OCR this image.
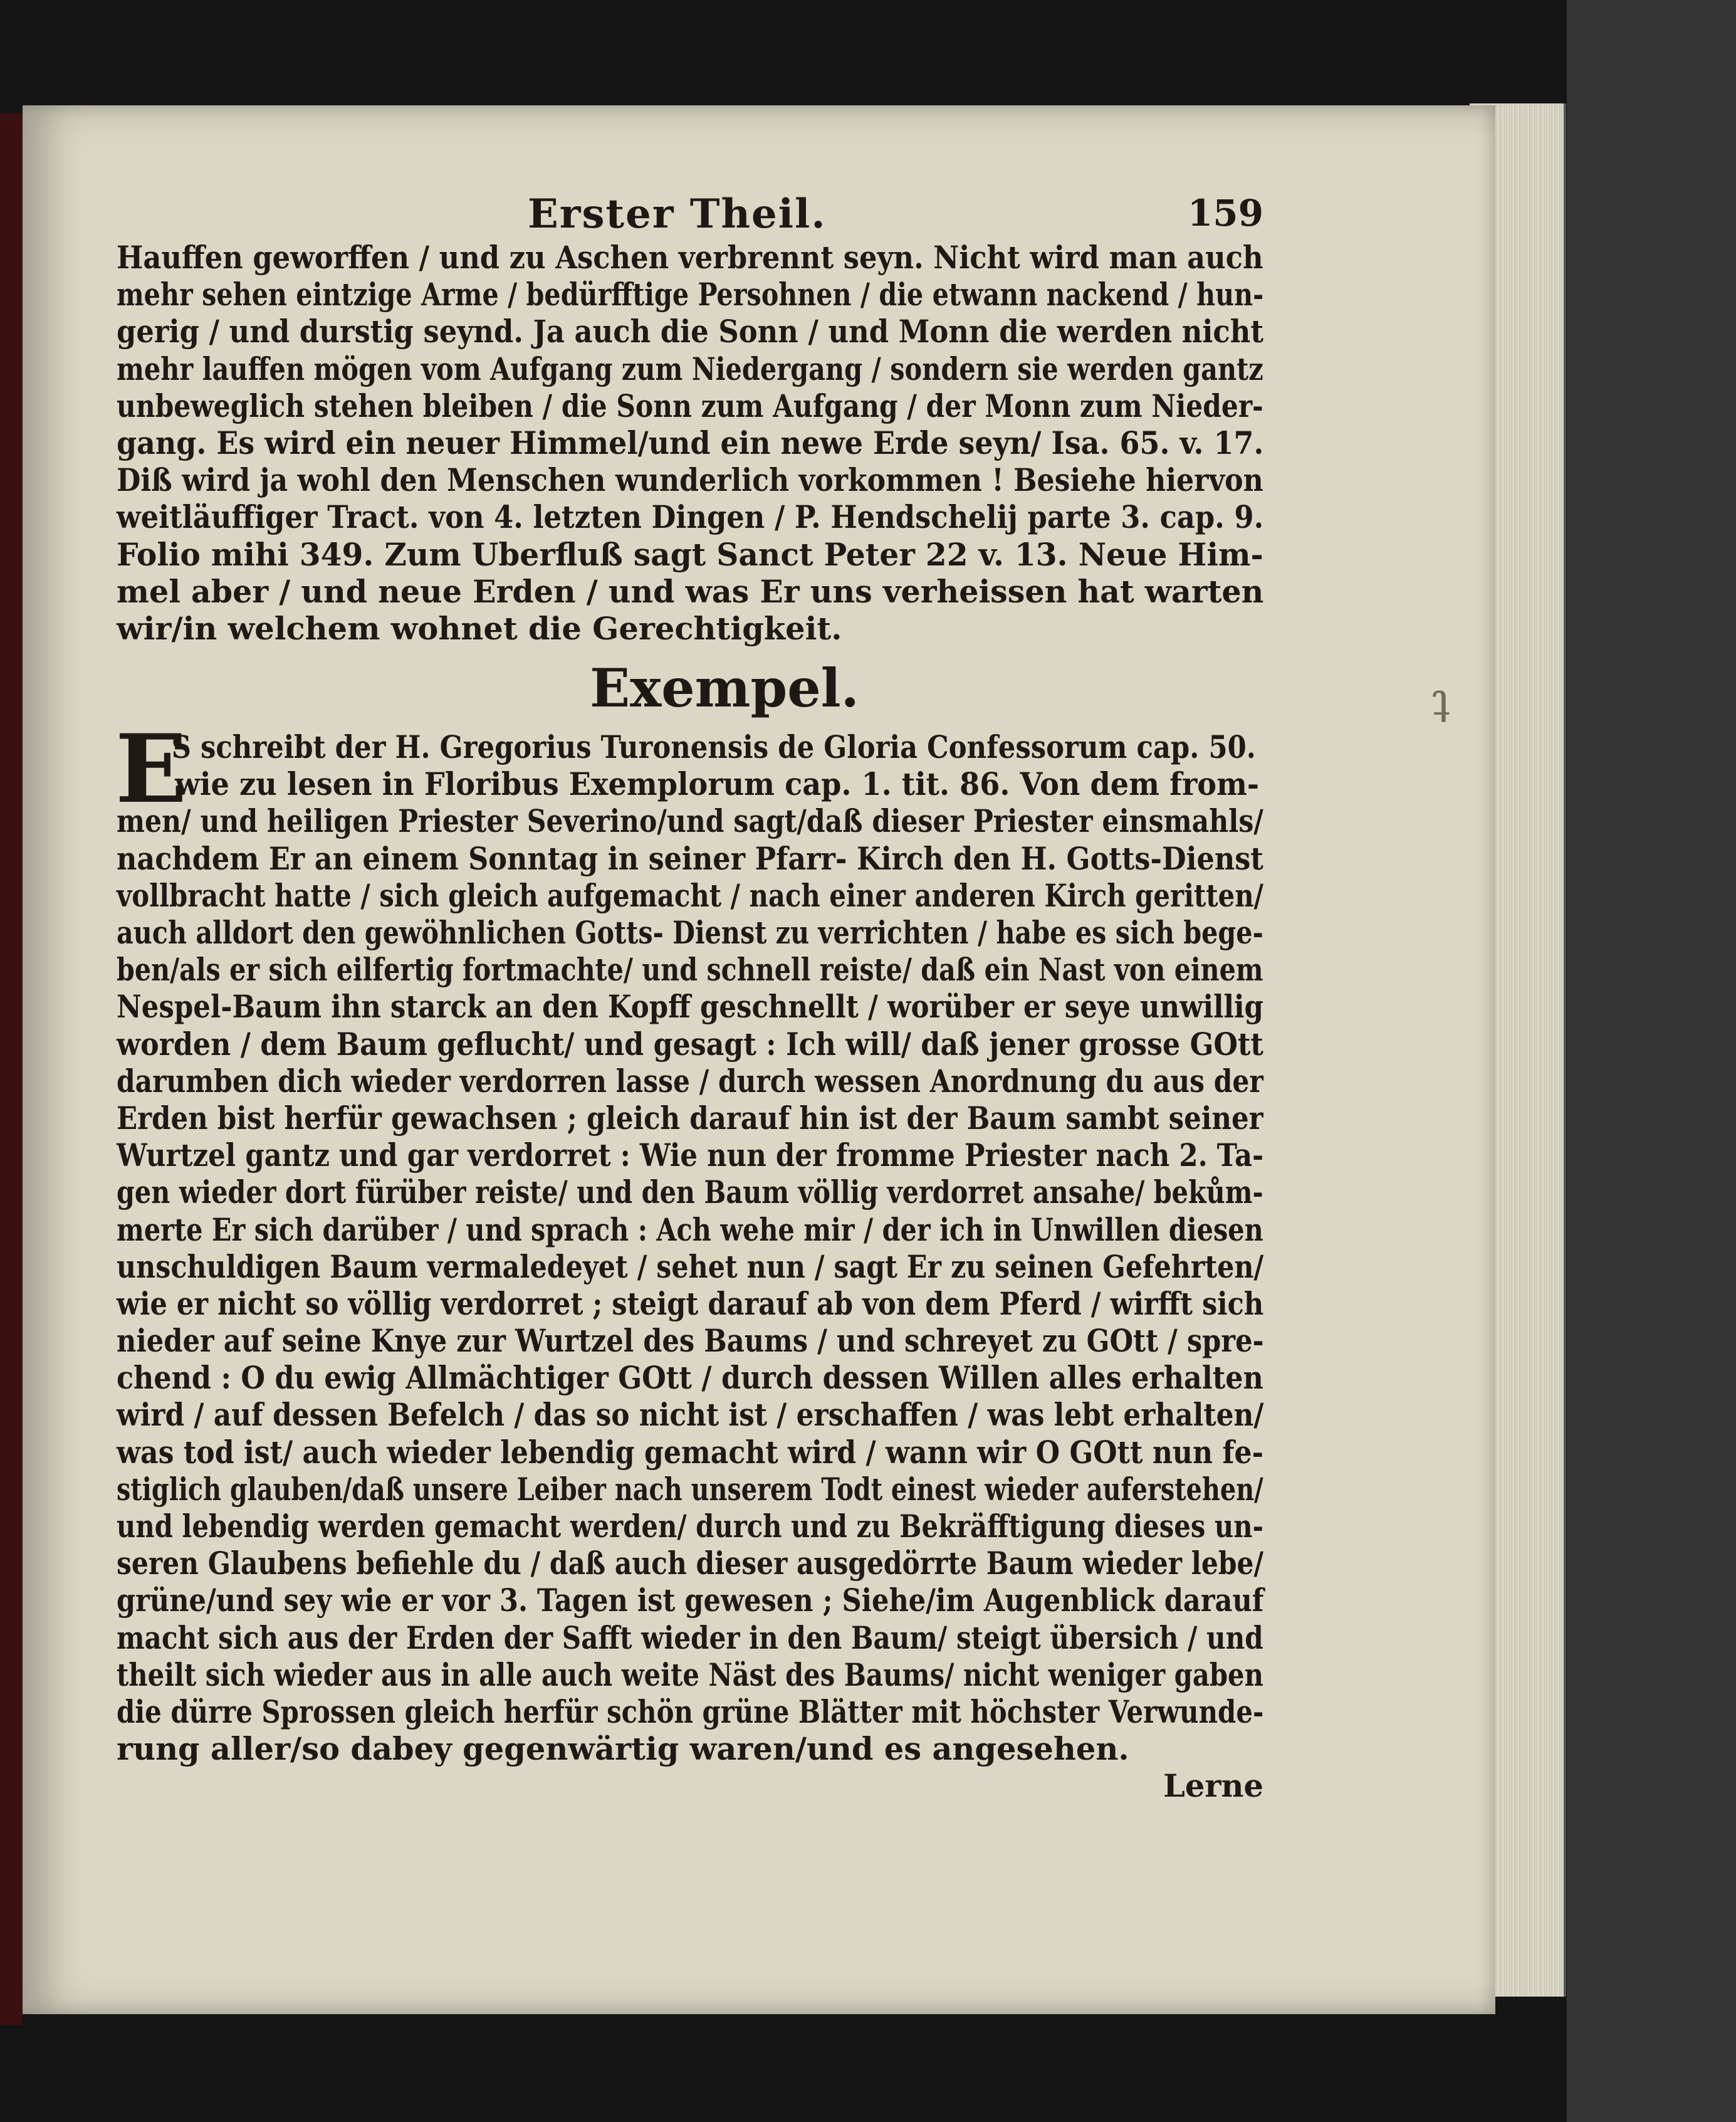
ʇ
Erster Theil.	159
Hauffen geworffen / und zu Aschen verbrennt seyn. Nicht wird man auch
mehr sehen eintzige Arme / bedürfftige Persohnen / die etwann nackend / hun-
gerig / und durstig seynd. Ja auch die Sonn / und Monn die werden nicht
mehr lauffen mögen vom Aufgang zum Niedergang / sondern sie werden gantz
unbeweglich stehen bleiben / die Sonn zum Aufgang / der Monn zum Nieder-
gang. Es wird ein neuer Himmel/und ein newe Erde seyn/ Isa. 65. v. 17.
Diß wird ja wohl den Menschen wunderlich vorkommen ! Besiehe hiervon
weitläuffiger Tract. von 4. letzten Dingen / P. Hendschelij parte 3. cap. 9.
Folio mihi 349. Zum Uberfluß sagt Sanct Peter 22 v. 13. Neue Him-
mel aber / und neue Erden / und was Er uns verheissen hat warten
wir/in welchem wohnet die Gerechtigkeit.
Exempel.
E
S schreibt der H. Gregorius Turonensis de Gloria Confessorum cap. 50.
wie zu lesen in Floribus Exemplorum cap. 1. tit. 86. Von dem from-
men/ und heiligen Priester Severino/und sagt/daß dieser Priester einsmahls/
nachdem Er an einem Sonntag in seiner Pfarr- Kirch den H. Gotts-Dienst
vollbracht hatte / sich gleich aufgemacht / nach einer anderen Kirch geritten/
auch alldort den gewöhnlichen Gotts- Dienst zu verrichten / habe es sich bege-
ben/als er sich eilfertig fortmachte/ und schnell reiste/ daß ein Nast von einem
Nespel-Baum ihn starck an den Kopff geschnellt / worüber er seye unwillig
worden / dem Baum geflucht/ und gesagt : Ich will/ daß jener grosse GOtt
darumben dich wieder verdorren lasse / durch wessen Anordnung du aus der
Erden bist herfür gewachsen ; gleich darauf hin ist der Baum sambt seiner
Wurtzel gantz und gar verdorret : Wie nun der fromme Priester nach 2. Ta-
gen wieder dort fürüber reiste/ und den Baum völlig verdorret ansahe/ bekům-
merte Er sich darüber / und sprach : Ach wehe mir / der ich in Unwillen diesen
unschuldigen Baum vermaledeyet / sehet nun / sagt Er zu seinen Gefehrten/
wie er nicht so völlig verdorret ; steigt darauf ab von dem Pferd / wirfft sich
nieder auf seine Knye zur Wurtzel des Baums / und schreyet zu GOtt / spre-
chend : O du ewig Allmächtiger GOtt / durch dessen Willen alles erhalten
wird / auf dessen Befelch / das so nicht ist / erschaffen / was lebt erhalten/
was tod ist/ auch wieder lebendig gemacht wird / wann wir O GOtt nun fe-
stiglich glauben/daß unsere Leiber nach unserem Todt einest wieder auferstehen/
und lebendig werden gemacht werden/ durch und zu Bekräfftigung dieses un-
seren Glaubens befiehle du / daß auch dieser ausgedörrte Baum wieder lebe/
grüne/und sey wie er vor 3. Tagen ist gewesen ; Siehe/im Augenblick darauf
macht sich aus der Erden der Safft wieder in den Baum/ steigt übersich / und
theilt sich wieder aus in alle auch weite Näst des Baums/ nicht weniger gaben
die dürre Sprossen gleich herfür schön grüne Blätter mit höchster Verwunde-
rung aller/so dabey gegenwärtig waren/und es angesehen.
Lerne
